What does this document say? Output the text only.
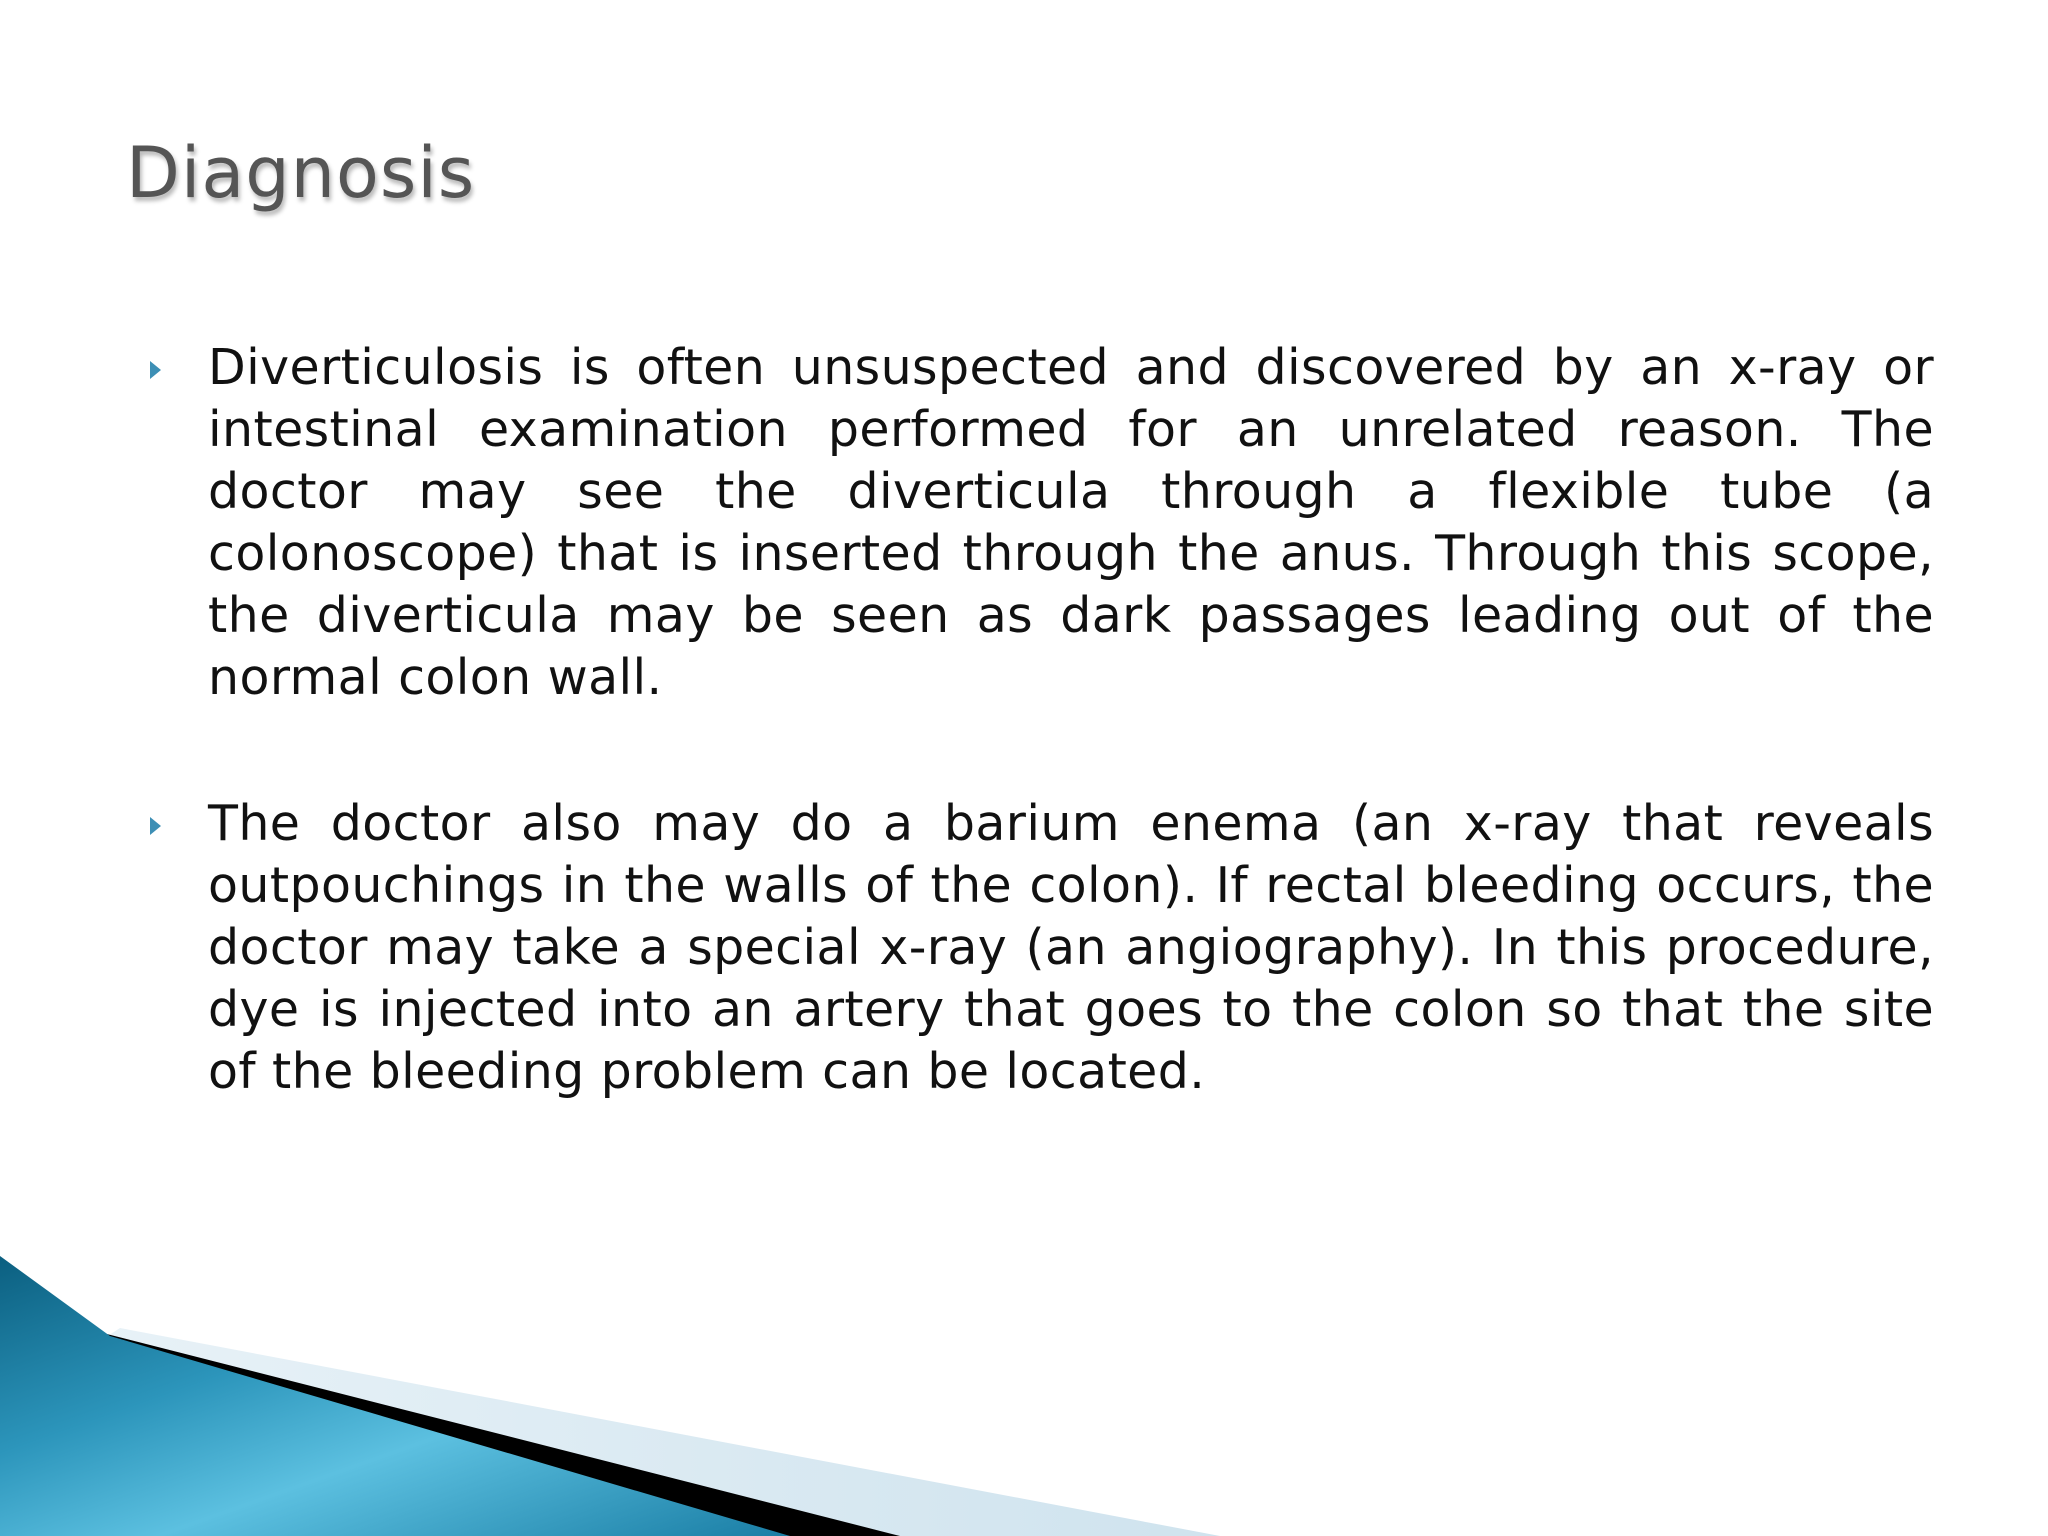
Diagnosis

Diverticulosis is often unsuspected and discovered by an x-ray or intestinal examination performed for an unrelated reason. The doctor may see the diverticula through a flexible tube (a colonoscope) that is inserted through the anus. Through this scope, the diverticula may be seen as dark passages leading out of the normal colon wall.

The doctor also may do a barium enema (an x-ray that reveals outpouchings in the walls of the colon). If rectal bleeding occurs, the doctor may take a special x-ray (an angiography). In this procedure, dye is injected into an artery that goes to the colon so that the site of the bleeding problem can be located.
